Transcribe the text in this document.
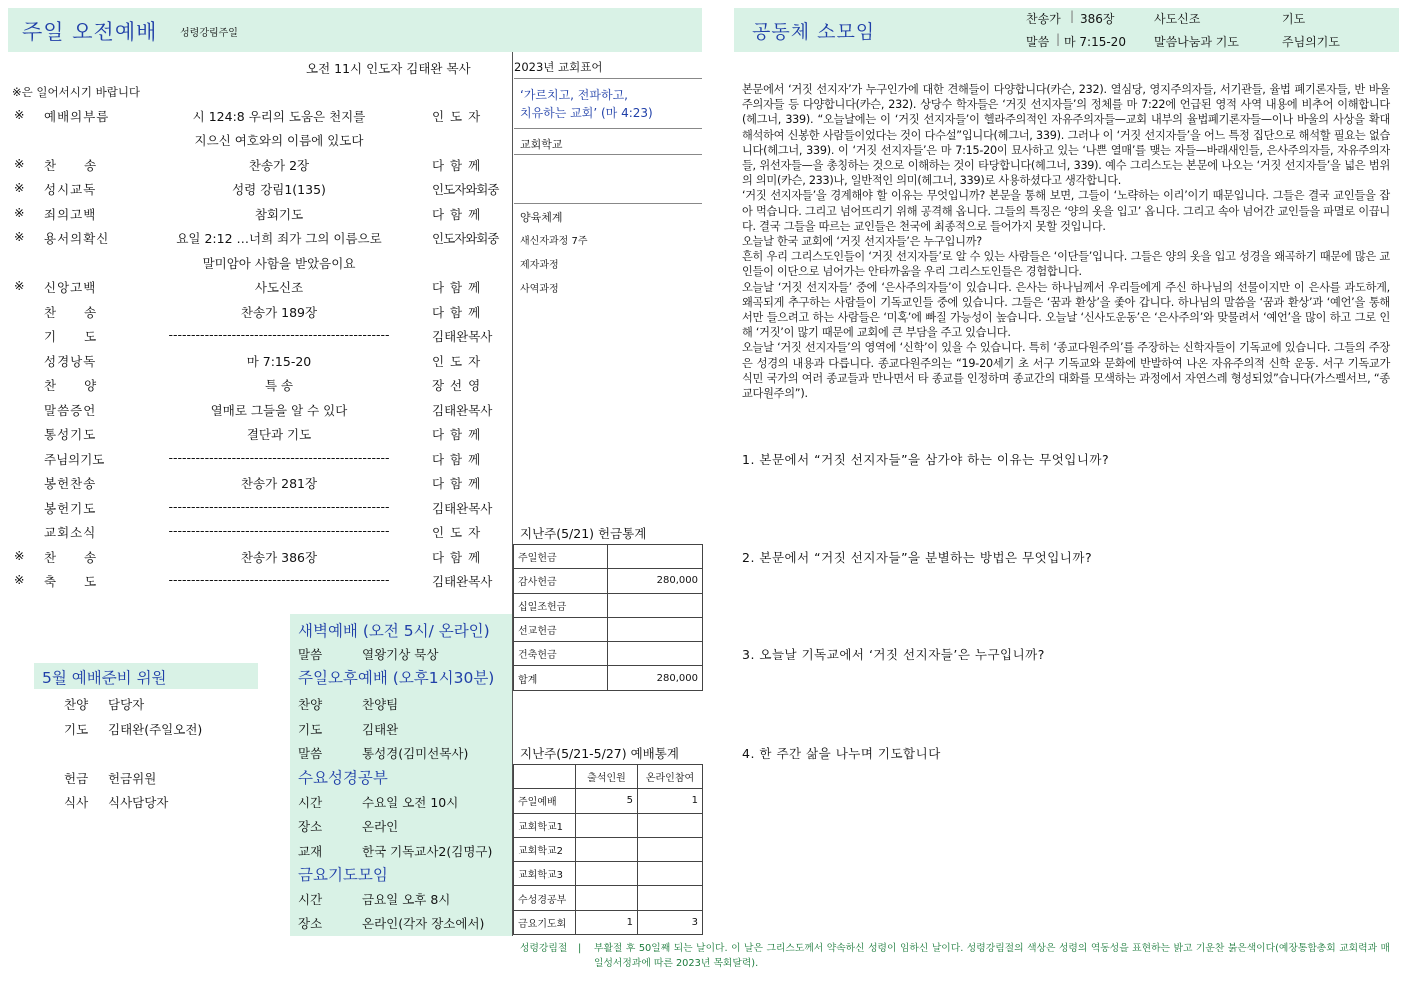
주일 오전예배 성령강림주일	공동체 소모임
찬송가 | 386장	사도신조	기도
말씀 | 마 7:15-20 말씀나눔과 기도	주님의기도
오전 11시 인도자 김태완 목사
※은 일어서시기 바랍니다
※ 예배의부름	시 124:8 우리의 도움은 천지를	인 도 자
지으신 여호와의 이름에 있도다
※ 찬　　송	찬송가 2장	다 함 께
※ 성시교독	성령 강림1(135)	인도자와회중
※ 죄의고백	참회기도	다 함 께
※ 용서의확신	요일 2:12 …너희 죄가 그의 이름으로	인도자와회중
말미암아 사함을 받았음이요
※ 신앙고백	사도신조	다 함 께
찬　　송	찬송가 189장	다 함 께
기　　도	-------------------------------------------------	김태완목사
성경낭독	마 7:15-20	인 도 자
찬　　양	특 송	장 선 영
말씀증언	열매로 그들을 알 수 있다	김태완목사
통성기도	결단과 기도	다 함 께
주님의기도	-------------------------------------------------	다 함 께
봉헌찬송	찬송가 281장	다 함 께
봉헌기도	-------------------------------------------------	김태완목사
교회소식	-------------------------------------------------	인 도 자
※ 찬　　송	찬송가 386장	다 함 께
※ 축　　도	-------------------------------------------------	김태완목사
2023년 교회표어
‘가르치고, 전파하고,
치유하는 교회’ (마 4:23)
교회학교
양육체계
새신자과정 7주
제자과정
사역과정
지난주(5/21) 헌금통계
주일헌금	
감사헌금	280,000
십일조헌금	
선교헌금	
건축헌금	
합계	280,000
지난주(5/21-5/27) 예배통계
	출석인원	온라인참여
주일예배	5	1
교회학교1		
교회학교2		
교회학교3		
수성경공부		
금요기도회	1	3
새벽예배 (오전 5시/ 온라인)
말씀	열왕기상 묵상
주일오후예배 (오후1시30분)
찬양	찬양팀
기도	김태완
말씀	통성경(김미선목사)
수요성경공부
시간	수요일 오전 10시
장소	온라인
교재	한국 기독교사2(김명구)
금요기도모임
시간	금요일 오후 8시
장소	온라인(각자 장소에서)
5월 예배준비 위원
찬양 담당자
기도 김태완(주일오전)
헌금 헌금위원
식사 식사담당자

본문에서 ‘거짓 선지자’가 누구인가에 대한 견해들이 다양합니다(카슨, 232). 열심당, 영지주의자들, 서기관들, 율법 폐기론자들, 반 바울주의자들 등 다양합니다(카슨, 232). 상당수 학자들은 ‘거짓 선지자들’의 정체를 마 7:22에 언급된 영적 사역 내용에 비추어 이해합니다(헤그너, 339). “오늘날에는 이 ‘거짓 선지자들’이 헬라주의적인 자유주의자들—교회 내부의 율법폐기론자들—이나 바울의 사상을 확대 해석하여 신봉한 사람들이었다는 것이 다수설”입니다(헤그너, 339). 그러나 이 ‘거짓 선지자들’을 어느 특정 집단으로 해석할 필요는 없습니다(헤그너, 339). 이 ‘거짓 선지자들’은 마 7:15-20이 묘사하고 있는 ‘나쁜 열매’를 맺는 자들—바래새인들, 은사주의자들, 자유주의자들, 위선자들—을 총칭하는 것으로 이해하는 것이 타당합니다(헤그너, 339). 예수 그리스도는 본문에 나오는 ‘거짓 선지자들’을 넓은 범위의 의미(카슨, 233)나, 일반적인 의미(헤그너, 339)로 사용하셨다고 생각합니다.

‘거짓 선지자들’을 경계해야 할 이유는 무엇입니까? 본문을 통해 보면, 그들이 ‘노략하는 이리’이기 때문입니다. 그들은 결국 교인들을 잡아 먹습니다. 그리고 넘어뜨리기 위해 공격해 옵니다. 그들의 특징은 ‘양의 옷을 입고’ 옵니다. 그리고 속아 넘어간 교인들을 파멸로 이끕니다. 결국 그들을 따르는 교인들은 천국에 최종적으로 들어가지 못할 것입니다.

오늘날 한국 교회에 ‘거짓 선지자들’은 누구입니까?

흔히 우리 그리스도인들이 ‘거짓 선지자들’로 알 수 있는 사람들은 ‘이단들’입니다. 그들은 양의 옷을 입고 성경을 왜곡하기 때문에 많은 교인들이 이단으로 넘어가는 안타까움을 우리 그리스도인들은 경험합니다.

오늘날 ‘거짓 선지자들’ 중에 ‘은사주의자들’이 있습니다. 은사는 하나님께서 우리들에게 주신 하나님의 선물이지만 이 은사를 과도하게, 왜곡되게 추구하는 사람들이 기독교인들 중에 있습니다. 그들은 ‘꿈과 환상’을 좇아 갑니다. 하나님의 말씀을 ‘꿈과 환상’과 ‘예언’을 통해서만 들으려고 하는 사람들은 ‘미혹’에 빠질 가능성이 높습니다. 오늘날 ‘신사도운동’은 ‘은사주의’와 맞물려서 ‘예언’을 많이 하고 그로 인해 ‘거짓’이 많기 때문에 교회에 큰 부담을 주고 있습니다.

오늘날 ‘거짓 선지자들’의 영역에 ‘신학’이 있을 수 있습니다. 특히 ‘종교다원주의’를 주장하는 신학자들이 기독교에 있습니다. 그들의 주장은 성경의 내용과 다릅니다. 종교다원주의는 “19-20세기 초 서구 기독교와 문화에 반발하여 나온 자유주의적 신학 운동. 서구 기독교가 식민 국가의 여러 종교들과 만나면서 타 종교를 인정하며 종교간의 대화를 모색하는 과정에서 자연스레 형성되었”습니다(가스펠서브, “종교다원주의”).

1. 본문에서 “거짓 선지자들”을 삼가야 하는 이유는 무엇입니까?
2. 본문에서 “거짓 선지자들”을 분별하는 방법은 무엇입니까?
3. 오늘날 기독교에서 ‘거짓 선지자들’은 누구입니까?
4. 한 주간 삶을 나누며 기도합니다
성령강림절 | 부활절 후 50일째 되는 날이다. 이 날은 그리스도께서 약속하신 성령이 임하신 날이다. 성령강림절의 색상은 성령의 역동성을 표현하는 밝고 기운찬 붉은색이다(예장통합총회 교회력과 매일성서정과에 따른 2023년 목회달력).
